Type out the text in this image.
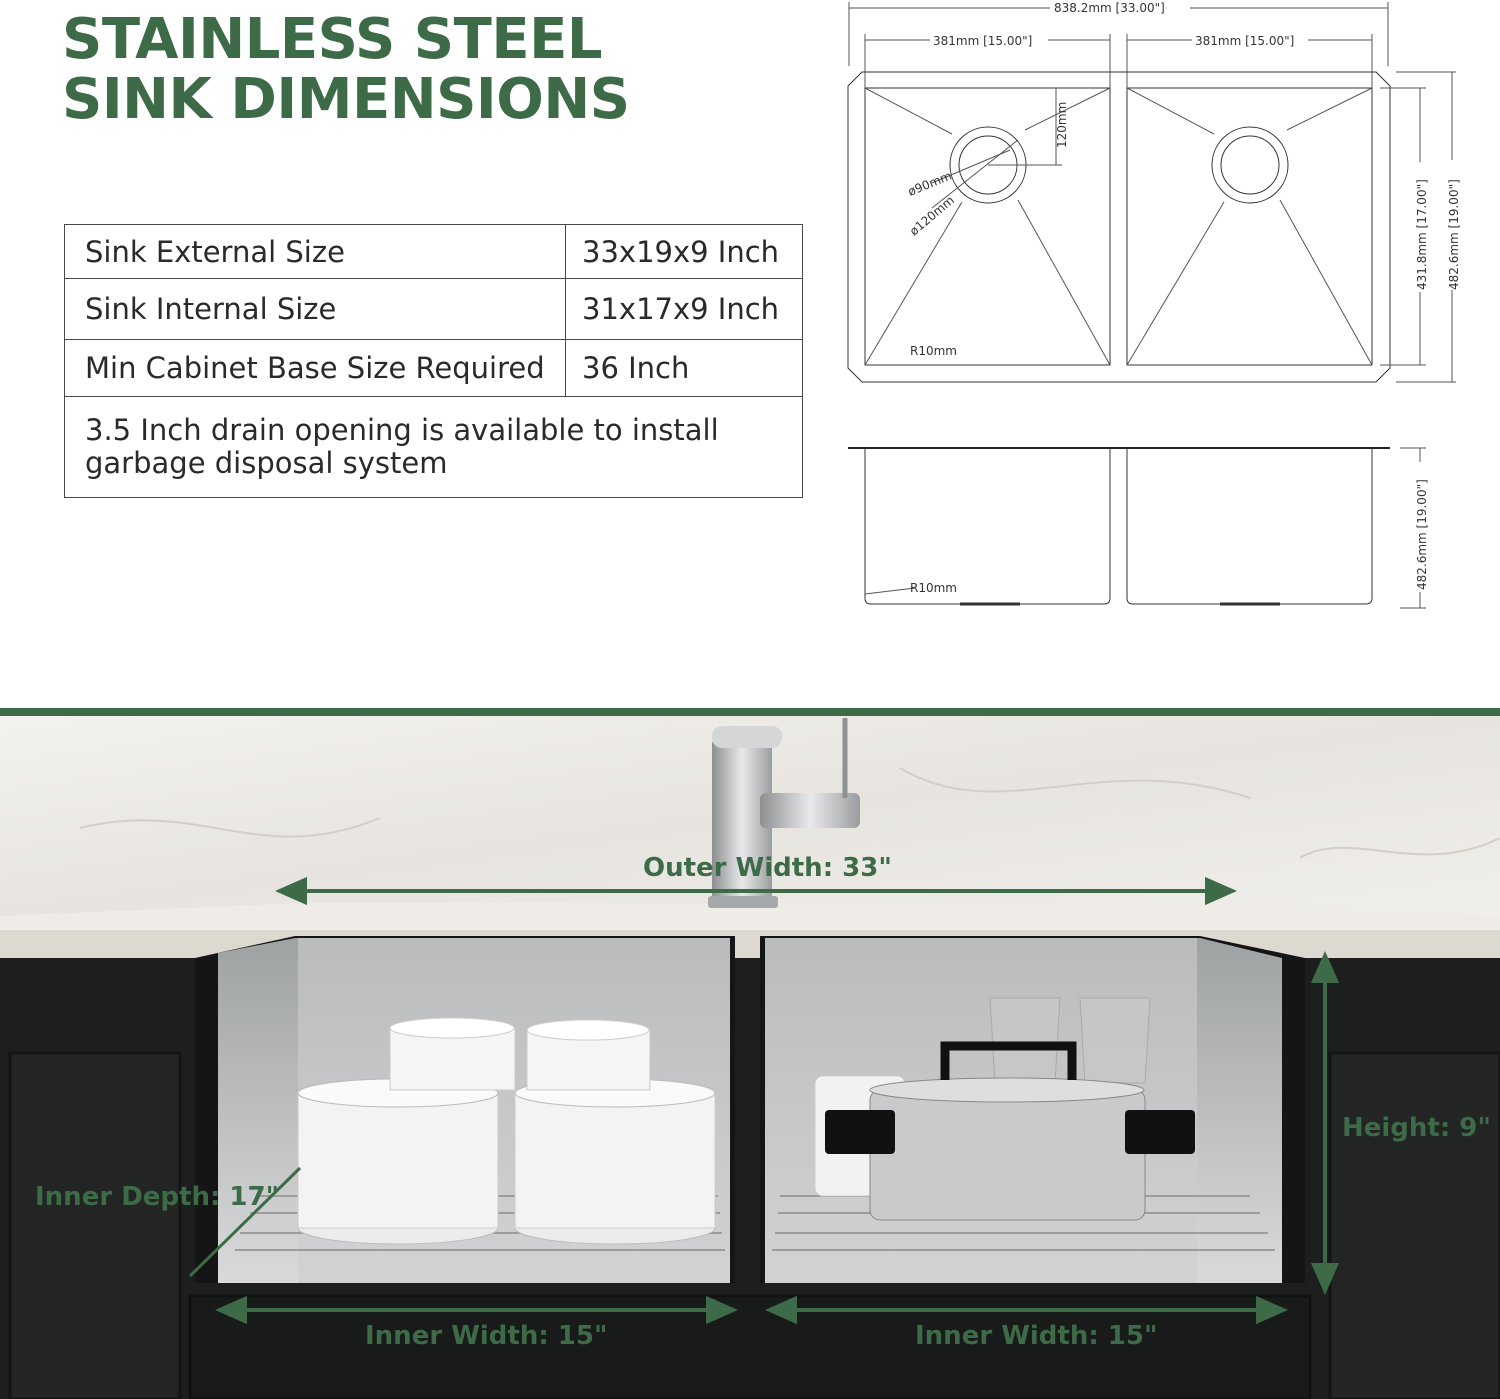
STAINLESS STEEL
SINK DIMENSIONS
Sink External Size	33x19x9 Inch
Sink Internal Size	31x17x9 Inch
Min Cabinet Base Size Required	36 Inch
3.5 Inch drain opening is available to install
garbage disposal system	
838.2mm [33.00"]
381mm [15.00"]	381mm [15.00"]
120mm
ø90mm
ø120mm
R10mm
431.8mm [17.00"] 482.6mm [19.00"]
R10mm	482.6mm [19.00"]
Outer Width: 33"
Height: 9"
Inner Depth: 17"
Inner Width: 15"	Inner Width: 15"
